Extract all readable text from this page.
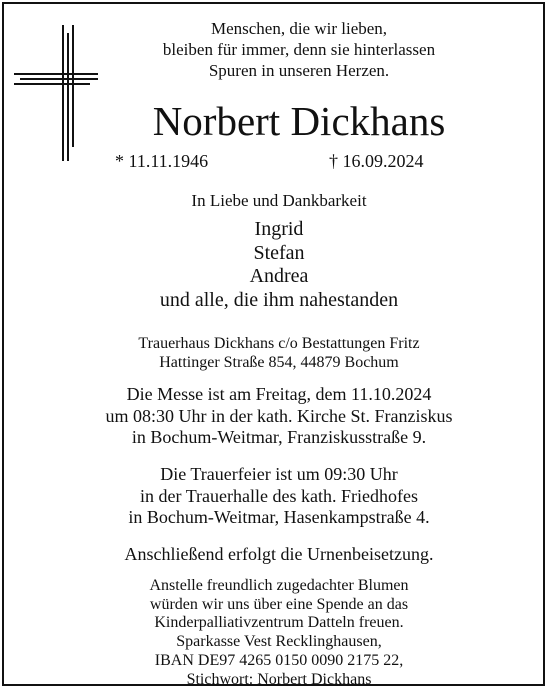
Menschen, die wir lieben,
bleiben für immer, denn sie hinterlassen
Spuren in unseren Herzen.
Norbert Dickhans
* 11.11.1946	† 16.09.2024
In Liebe und Dankbarkeit
Ingrid
Stefan
Andrea
und alle, die ihm nahestanden
Trauerhaus Dickhans c/o Bestattungen Fritz
Hattinger Straße 854, 44879 Bochum
Die Messe ist am Freitag, dem 11.10.2024
um 08:30 Uhr in der kath. Kirche St. Franziskus
in Bochum-Weitmar, Franziskusstraße 9.
Die Trauerfeier ist um 09:30 Uhr
in der Trauerhalle des kath. Friedhofes
in Bochum-Weitmar, Hasenkampstraße 4.
Anschließend erfolgt die Urnenbeisetzung.
Anstelle freundlich zugedachter Blumen
würden wir uns über eine Spende an das
Kinderpalliativzentrum Datteln freuen.
Sparkasse Vest Recklinghausen,
IBAN DE97 4265 0150 0090 2175 22,
Stichwort: Norbert Dickhans
